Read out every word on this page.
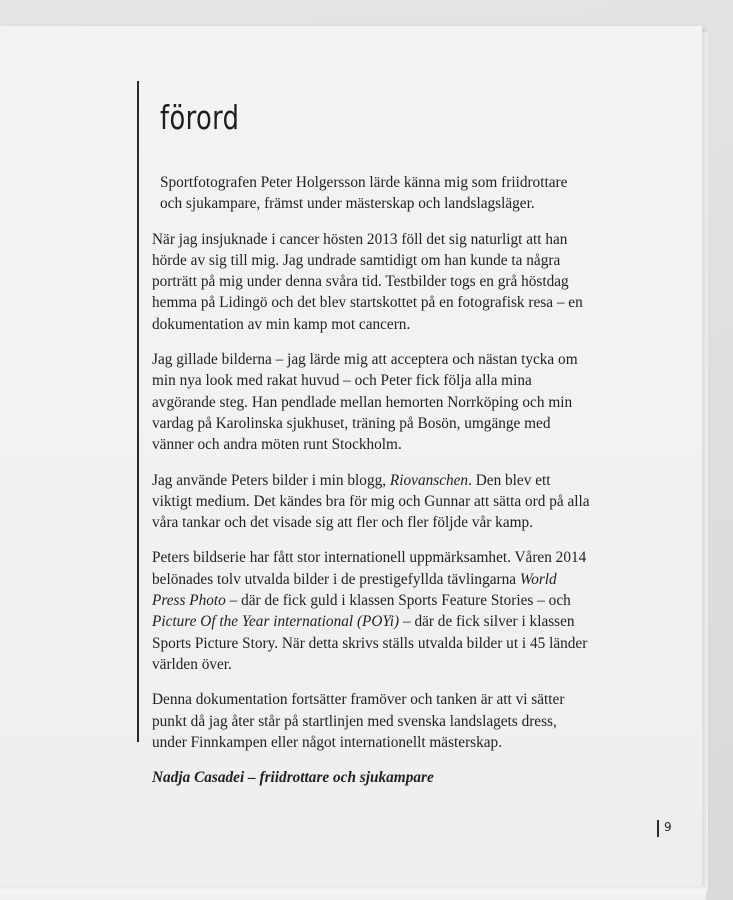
förord

Sportfotografen Peter Holgersson lärde känna mig som friidrottare och sjukampare, främst under mästerskap och landslagsläger.

När jag insjuknade i cancer hösten 2013 föll det sig naturligt att han hörde av sig till mig. Jag undrade samtidigt om han kunde ta några porträtt på mig under denna svåra tid. Testbilder togs en grå höstdag hemma på Lidingö och det blev startskottet på en fotografisk resa – en dokumentation av min kamp mot cancern.

Jag gillade bilderna – jag lärde mig att acceptera och nästan tycka om min nya look med rakat huvud – och Peter fick följa alla mina avgörande steg. Han pendlade mellan hemorten Norrköping och min vardag på Karolinska sjukhuset, träning på Bosön, umgänge med vänner och andra möten runt Stockholm.

Jag använde Peters bilder i min blogg, Riovanschen. Den blev ett viktigt medium. Det kändes bra för mig och Gunnar att sätta ord på alla våra tankar och det visade sig att fler och fler följde vår kamp.

Peters bildserie har fått stor internationell uppmärksamhet. Våren 2014 belönades tolv utvalda bilder i de prestigefyllda tävlingarna World Press Photo – där de fick guld i klassen Sports Feature Stories – och Picture Of the Year international (POYi) – där de fick silver i klassen Sports Picture Story. När detta skrivs ställs utvalda bilder ut i 45 länder världen över.

Denna dokumentation fortsätter framöver och tanken är att vi sätter punkt då jag åter står på startlinjen med svenska landslagets dress, under Finnkampen eller något internationellt mästerskap.

Nadja Casadei – friidrottare och sjukampare

9
